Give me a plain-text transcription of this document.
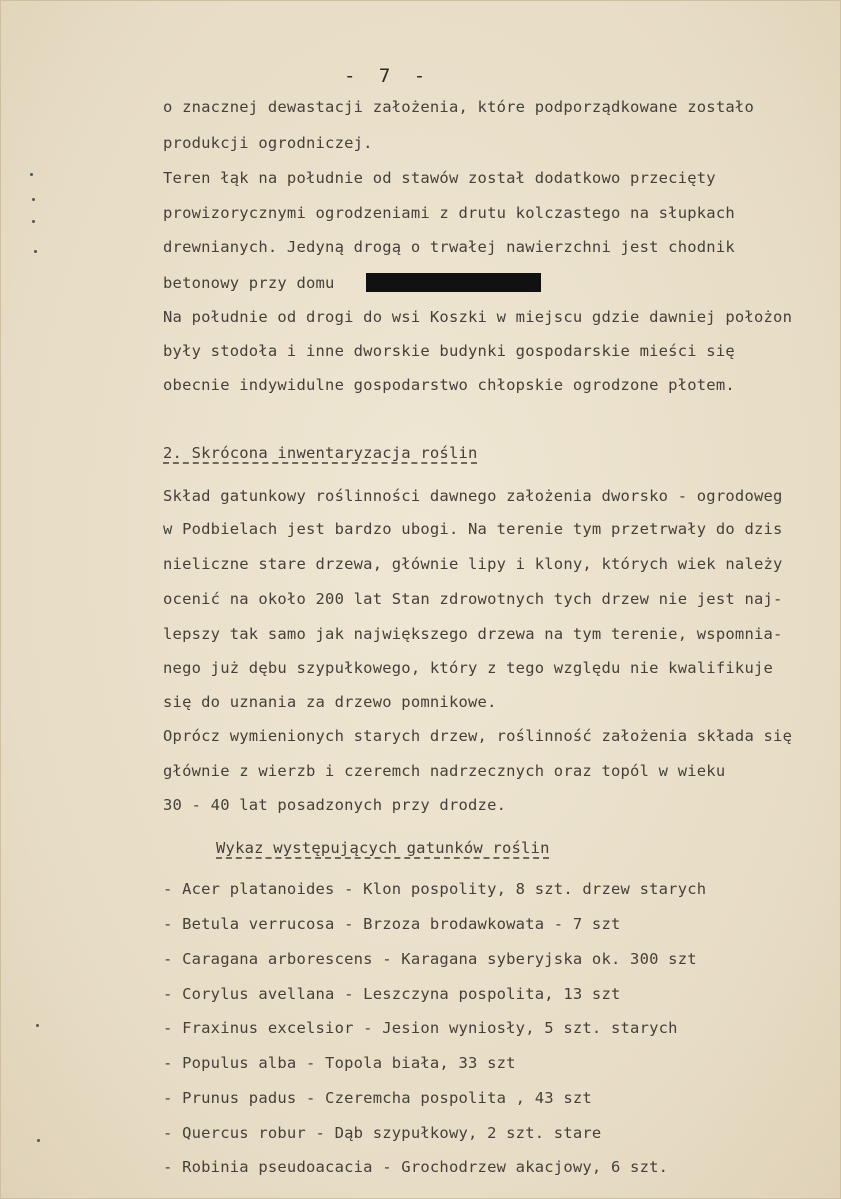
- 7 -
o znacznej dewastacji założenia, które podporządkowane zostało
produkcji ogrodniczej.
Teren łąk na południe od stawów został dodatkowo przecięty
prowizorycznymi ogrodzeniami z drutu kolczastego na słupkach
drewnianych. Jedyną drogą o trwałej nawierzchni jest chodnik
betonowy przy domu
Na południe od drogi do wsi Koszki w miejscu gdzie dawniej położon
były stodoła i inne dworskie budynki gospodarskie mieści się
obecnie indywidulne gospodarstwo chłopskie ogrodzone płotem.
2. Skrócona inwentaryzacja roślin
Skład gatunkowy roślinności dawnego założenia dworsko - ogrodoweg
w Podbielach jest bardzo ubogi. Na terenie tym przetrwały do dzis
nieliczne stare drzewa, głównie lipy i klony, których wiek należy
ocenić na około 200 lat Stan zdrowotnych tych drzew nie jest naj-
lepszy tak samo jak największego drzewa na tym terenie, wspomnia-
nego już dębu szypułkowego, który z tego względu nie kwalifikuje
się do uznania za drzewo pomnikowe.
Oprócz wymienionych starych drzew, roślinność założenia składa się
głównie z wierzb i czeremch nadrzecznych oraz topól w wieku
30 - 40 lat posadzonych przy drodze.
Wykaz występujących gatunków roślin
- Acer platanoides - Klon pospolity, 8 szt. drzew starych
- Betula verrucosa - Brzoza brodawkowata - 7 szt
- Caragana arborescens - Karagana syberyjska ok. 300 szt
- Corylus avellana - Leszczyna pospolita, 13 szt
- Fraxinus excelsior - Jesion wyniosły, 5 szt. starych
- Populus alba - Topola biała, 33 szt
- Prunus padus - Czeremcha pospolita , 43 szt
- Quercus robur - Dąb szypułkowy, 2 szt. stare
- Robinia pseudoacacia - Grochodrzew akacjowy, 6 szt.
